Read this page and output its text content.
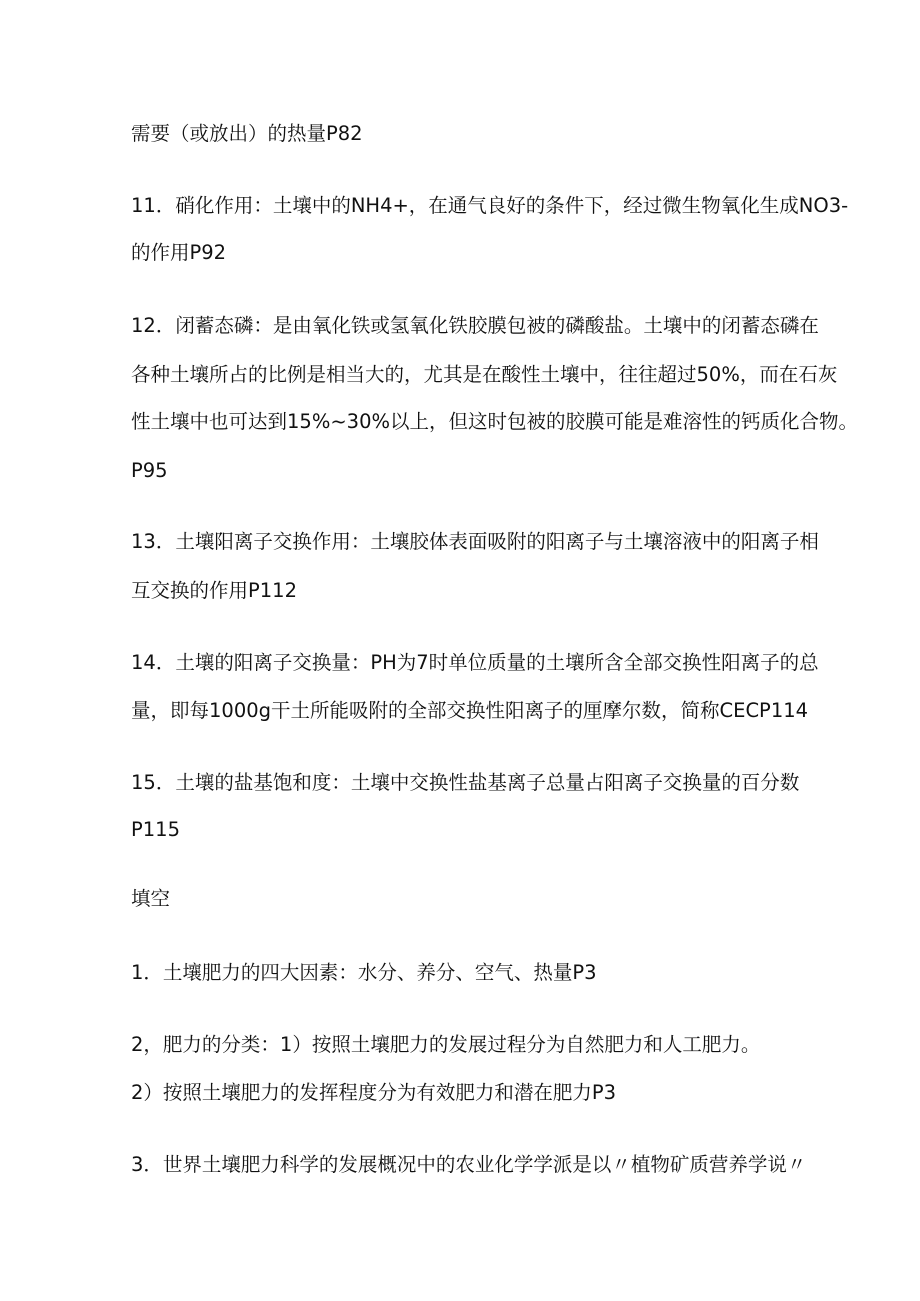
需要（或放出）的热量P82
11．硝化作用：土壤中的NH4+，在通气良好的条件下，经过微生物氧化生成NO3-
的作用P92
12．闭蓄态磷：是由氧化铁或氢氧化铁胶膜包被的磷酸盐。土壤中的闭蓄态磷在
各种土壤所占的比例是相当大的，尤其是在酸性土壤中，往往超过50%，而在石灰
性土壤中也可达到15%~30%以上，但这时包被的胶膜可能是难溶性的钙质化合物。
P95
13．土壤阳离子交换作用：土壤胶体表面吸附的阳离子与土壤溶液中的阳离子相
互交换的作用P112
14．土壤的阳离子交换量：PH为7时单位质量的土壤所含全部交换性阳离子的总
量，即每1000g干土所能吸附的全部交换性阳离子的厘摩尔数，简称CECP114
15．土壤的盐基饱和度：土壤中交换性盐基离子总量占阳离子交换量的百分数
P115
填空
1．土壤肥力的四大因素：水分、养分、空气、热量P3
2，肥力的分类：1）按照土壤肥力的发展过程分为自然肥力和人工肥力。
2）按照土壤肥力的发挥程度分为有效肥力和潜在肥力P3
3．世界土壤肥力科学的发展概况中的农业化学学派是以〃植物矿质营养学说〃
